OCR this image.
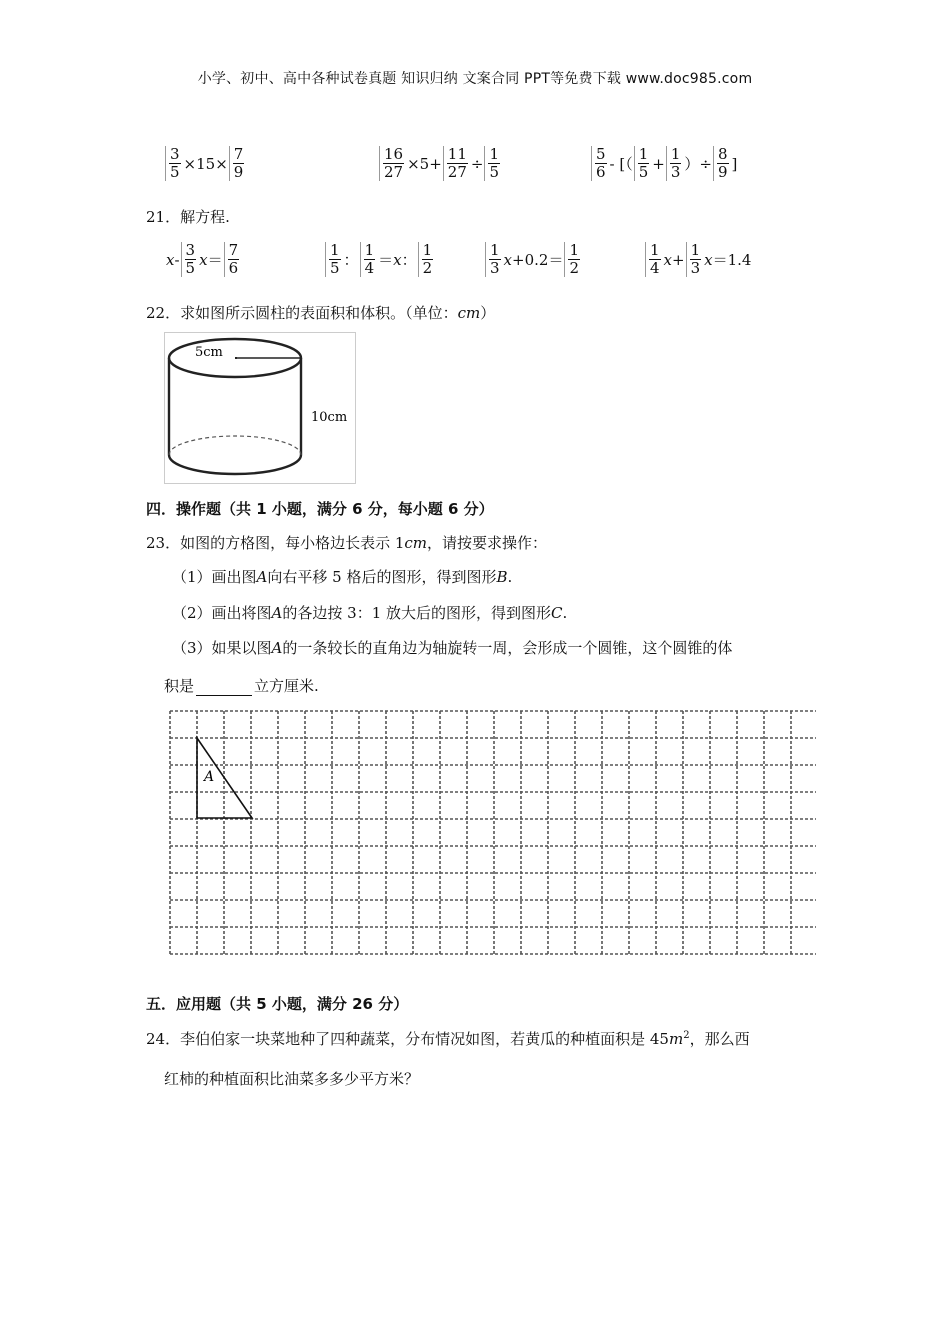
小学、初中、高中各种试卷真题 知识归纳 文案合同 PPT等免费下载 www.doc985.com
$\frac{3}{5} \times 15\times \frac{7}{9}$	$\frac{16}{27} \times 5+ \frac{11}{27} \div \frac{1}{5}$	$\frac{5}{6}$ - [（ $\frac{1}{5} + \frac{1}{3}$ ）÷ $\frac{8}{9}$ ]
21．解方程.
x - $\frac{3}{5}$ $x = \frac{7}{6}$	$\frac{1}{5}$ ： $\frac{1}{4} = x$ ： $\frac{1}{2}$	$\frac{1}{3}$ $x +0.2= \frac{1}{2}$	$\frac{1}{4}$ $x + \frac{1}{3}$ x ＝1.4
22．求如图所示圆柱的表面积和体积。（单位：cm）
5cm
10cm
四．操作题（共 1 小题，满分 6 分，每小题 6 分）
23．如图的方格图，每小格边长表示 1cm，请按要求操作：
（1）画出图A向右平移 5 格后的图形，得到图形B.
（2）画出将图A的各边按 3：1 放大后的图形，得到图形C.
（3）如果以图A的一条较长的直角边为轴旋转一周，会形成一个圆锥，这个圆锥的体
积是	立方厘米.
A
五．应用题（共 5 小题，满分 26 分）
24．李伯伯家一块菜地种了四种蔬菜，分布情况如图，若黄瓜的种植面积是 $45m^2$，那么西
红柿的种植面积比油菜多多少平方米？
